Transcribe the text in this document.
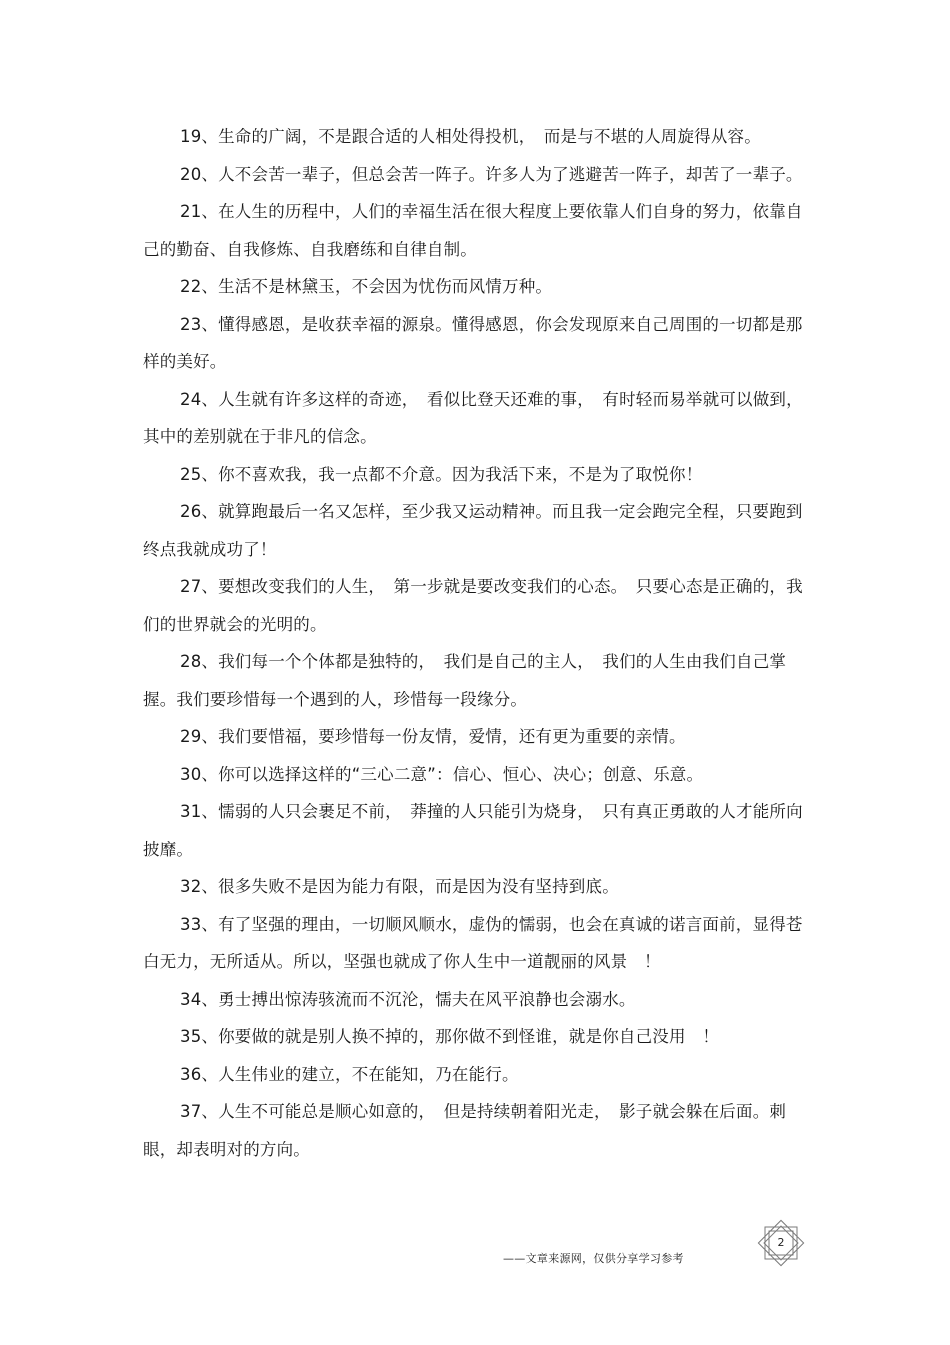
19、生命的广阔，不是跟合适的人相处得投机，　而是与不堪的人周旋得从容。

20、人不会苦一辈子，但总会苦一阵子。许多人为了逃避苦一阵子，却苦了一辈子。

21、在人生的历程中，人们的幸福生活在很大程度上要依靠人们自身的努力，依靠自己的勤奋、自我修炼、自我磨练和自律自制。

22、生活不是林黛玉，不会因为忧伤而风情万种。

23、懂得感恩，是收获幸福的源泉。懂得感恩，你会发现原来自己周围的一切都是那样的美好。

24、人生就有许多这样的奇迹，　看似比登天还难的事，　有时轻而易举就可以做到，其中的差别就在于非凡的信念。

25、你不喜欢我，我一点都不介意。因为我活下来，不是为了取悦你！

26、就算跑最后一名又怎样，至少我又运动精神。而且我一定会跑完全程，只要跑到终点我就成功了！

27、要想改变我们的人生，　第一步就是要改变我们的心态。　只要心态是正确的，我们的世界就会的光明的。

28、我们每一个个体都是独特的，　我们是自己的主人，　我们的人生由我们自己掌握。我们要珍惜每一个遇到的人，珍惜每一段缘分。

29、我们要惜福，要珍惜每一份友情，爱情，还有更为重要的亲情。

30、你可以选择这样的“三心二意”：信心、恒心、决心；创意、乐意。

31、懦弱的人只会裹足不前，　莽撞的人只能引为烧身，　只有真正勇敢的人才能所向披靡。

32、很多失败不是因为能力有限，而是因为没有坚持到底。

33、有了坚强的理由，一切顺风顺水，虚伪的懦弱，也会在真诚的诺言面前，显得苍白无力，无所适从。所以，坚强也就成了你人生中一道靓丽的风景　！

34、勇士搏出惊涛骇流而不沉沦，懦夫在风平浪静也会溺水。

35、你要做的就是别人换不掉的，那你做不到怪谁，就是你自己没用　！

36、人生伟业的建立，不在能知，乃在能行。

37、人生不可能总是顺心如意的，　但是持续朝着阳光走，　影子就会躲在后面。刺眼，却表明对的方向。

——文章来源网，仅供分享学习参考
2
